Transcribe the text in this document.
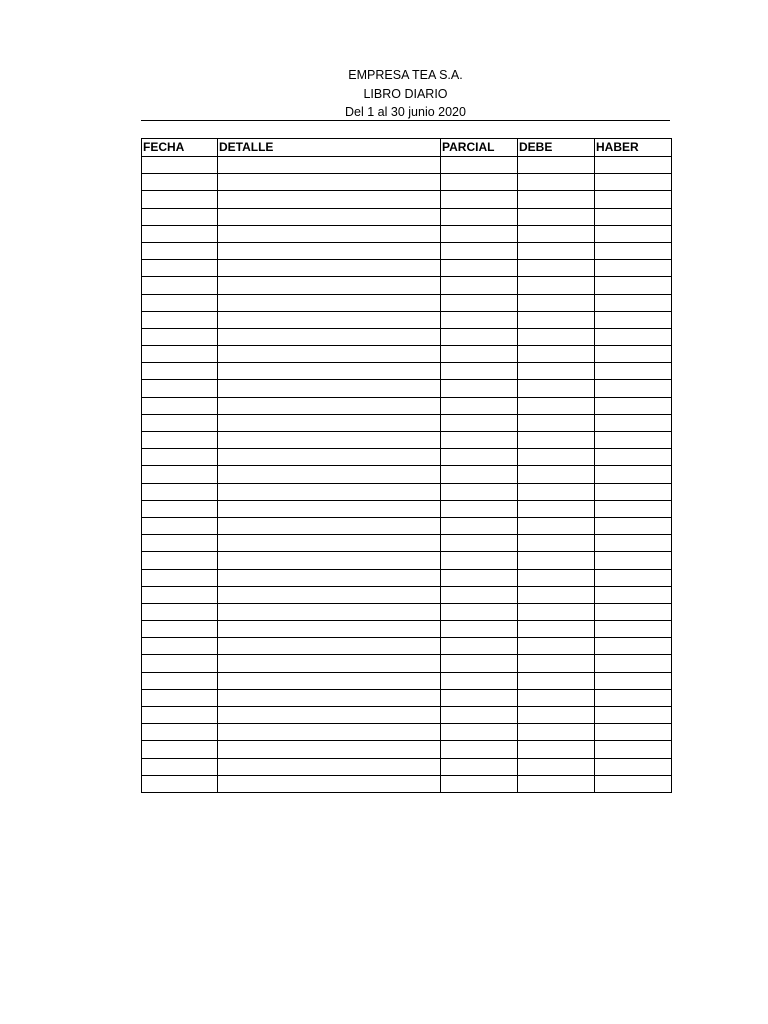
EMPRESA TEA S.A.
LIBRO DIARIO
Del 1 al 30 junio 2020
FECHA	DETALLE	PARCIAL	DEBE	HABER
